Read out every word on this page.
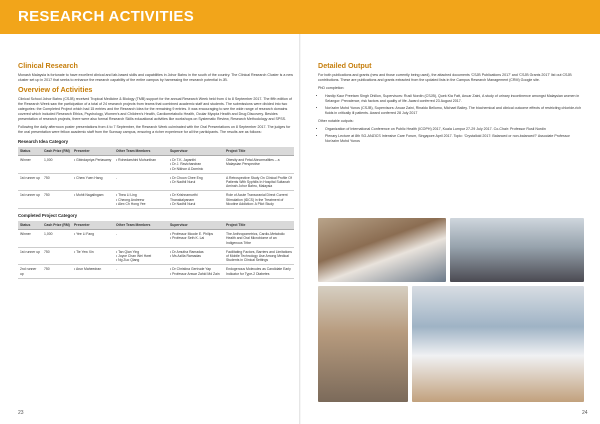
RESEARCH ACTIVITIES
Clinical Research

Monash Malaysia is fortunate to have excellent clinical and lab-based skills and capabilities in Johor Bahru in the south of the country. The Clinical Research Cluster is a new cluster set up in 2017 that seeks to enhance the research capability of the entire campus by harnessing the research potential in JB.

Overview of Activities

Clinical School Johor Bahru (CSJB) received Tropical Medicine & Biology (TMB) support for the annual Research Week held from 4 to 8 September 2017. The fifth edition of the Research Week saw the participation of a total of 24 research projects from teams that combined academic staff and students. The submissions were divided into two categories: the Completed Project which had 15 entries and the Research Idea for the remaining 9 entries. It was encouraging to see the wide range of research domains covered which included Research Ethics, Psychology, Women's and Children's Health, Cardiometabolic Health, Ocular Myopia Health and Drug Discovery. Besides presentation of research projects, there were also formal Research Skills educational activities like workshops on Systematic Review, Research Methodology and SPSS.

Following the daily afternoon poster presentations from 4 to 7 September, the Research Week culminated with the Oral Presentations on 8 September 2017. The judges for the oral presentation were fellow academic staff from the Sunway campus, ensuring a richer experience for all the participants. The results are as follows:

Research Idea Category
Status	Cash Prize (RM)	Presenter	Other Team Members	Supervisor	Project Title
Winner	1,000	• Gbindapriya Periasamy	• Rohedarshini Muhunthan	• Dr T.K. Jayanthi
• Dr J. Ravichandran
• Dr Nikhon A Dominic	Obesity and Fetal Abnormalities – a Malaysian Perspective
1st runner up	750	• Chew Yuen Hang	-	• Dr Choon Chee Eng
• Dr Nadhil Nurul	A Retrospective Study On Clinical Profile Of Patients With Syphilis In Hospital Sultanah Aminah Johor Bahru, Malaysia
1st runner up	750	• Mohit Nagalingam	• Thea Li Ling
• Cheong Andreew
• Alex Ch Hong Yee	• Dr Krishnamurthi Thanakalyanam
• Dr Nadhil Nurul	Role of Acute Transcranial Direct Current Stimulation (tDCS) in the Treatment of Nicotine Addiction: A Pilot Study
Completed Project Category
Status	Cash Prize (RM)	Presenter	Other Team Members	Supervisor	Project Title
Winner	1,000	• Yee Li Fang	-	• Professor Moode E. Philips
• Professor Seth K. Lai	The Anthropometrics, Cardio-Metabolic Health and Oral Microbiome of an Indigenous Tribe
1st runner up	750	• Tie Yew Xin	• Tan Qian Ying
• Joyce Chan Wei Hwei
• Ng Zuo Qiang	• Dr Amutha Ramadas
• Ms Azilla Ramadas	Facilitating Factors, Barriers and Limitations of Mobile Technology Use Among Medical Students in Clinical Settings
2nd runner up	750	• Arun Maheedran	-	• Dr Christina Gertrude Yap
• Professor Anwar Zahid Md Zain	Endogenous Molecules as Candidate Early Indicator for Type-2 Diabetes
Detailed Output

For both publications and grants (new and those currently being used), the attached documents 'CSJB Publications 2017' and 'CSJB Grants 2017' list out CSJB contributions. These are publications and grants extracted from the updated lists in the Campus Research Management (CRM) Google site.

PhD completion:

• Hardip Kaur Preetam Singh Dhillon, Supervisors: Rusli Nordin (CSJB), Quek Kia Fatt, Anuar Zaini, A study of urinary incontinence amongst Malaysian women in Selangor: Prevalence, risk factors and quality of life. Award conferred 23 August 2017.
• Nor'azim Mohd Yunos (CSJB), Supervisors: Anuar Zaini, Rinaldo Bellomo, Michael Bailey. The biochemical and clinical outcome effects of restricting chloride-rich fluids in critically ill patients. Award conferred 28 July 2017

Other notable outputs:

• Organization of International Conference on Public Health (ICOPH) 2017, Kuala Lumpur 27-29 July 2017. Co-Chair: Professor Rusli Nordin
• Plenary Lecture at 8th SG-ANZICS Intensive Care Forum, Singapore April 2017. Topic: 'Crystalloid 2017: Balanced or non-balanced?' Associate Professor Nor'azim Mohd Yunos
23	24
